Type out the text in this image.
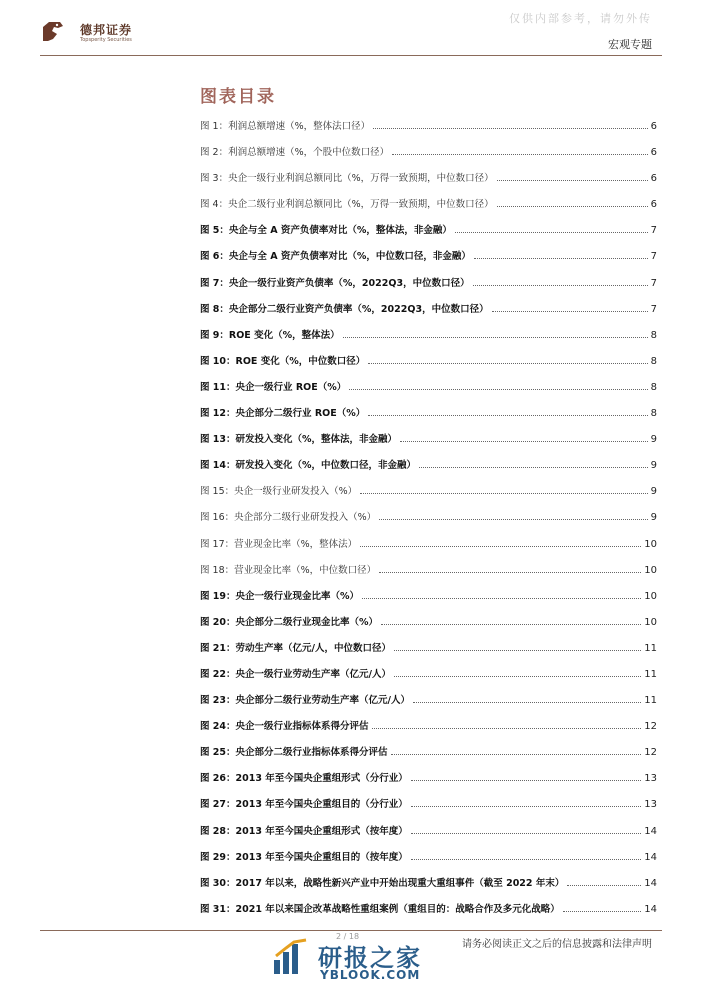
德邦证券
Topsperity Securities
仅供内部参考，请勿外传
宏观专题
图表目录
图 1：利润总额增速（%，整体法口径）	6
图 2：利润总额增速（%，个股中位数口径）	6
图 3：央企一级行业利润总额同比（%，万得一致预期，中位数口径）	6
图 4：央企二级行业利润总额同比（%，万得一致预期，中位数口径）	6
图 5：央企与全 A 资产负债率对比（%，整体法，非金融）	7
图 6：央企与全 A 资产负债率对比（%，中位数口径，非金融）	7
图 7：央企一级行业资产负债率（%，2022Q3，中位数口径）	7
图 8：央企部分二级行业资产负债率（%，2022Q3，中位数口径）	7
图 9：ROE 变化（%，整体法）	8
图 10：ROE 变化（%，中位数口径）	8
图 11：央企一级行业 ROE（%）	8
图 12：央企部分二级行业 ROE（%）	8
图 13：研发投入变化（%，整体法，非金融）	9
图 14：研发投入变化（%，中位数口径，非金融）	9
图 15：央企一级行业研发投入（%）	9
图 16：央企部分二级行业研发投入（%）	9
图 17：营业现金比率（%，整体法）	10
图 18：营业现金比率（%，中位数口径）	10
图 19：央企一级行业现金比率（%）	10
图 20：央企部分二级行业现金比率（%）	10
图 21：劳动生产率（亿元/人，中位数口径）	11
图 22：央企一级行业劳动生产率（亿元/人）	11
图 23：央企部分二级行业劳动生产率（亿元/人）	11
图 24：央企一级行业指标体系得分评估	12
图 25：央企部分二级行业指标体系得分评估	12
图 26：2013 年至今国央企重组形式（分行业）	13
图 27：2013 年至今国央企重组目的（分行业）	13
图 28：2013 年至今国央企重组形式（按年度）	14
图 29：2013 年至今国央企重组目的（按年度）	14
图 30：2017 年以来，战略性新兴产业中开始出现重大重组事件（截至 2022 年末）	14
图 31：2021 年以来国企改革战略性重组案例（重组目的：战略合作及多元化战略）	14
2 / 18
请务必阅读正文之后的信息披露和法律声明
研报之家
YBLOOK.COM
